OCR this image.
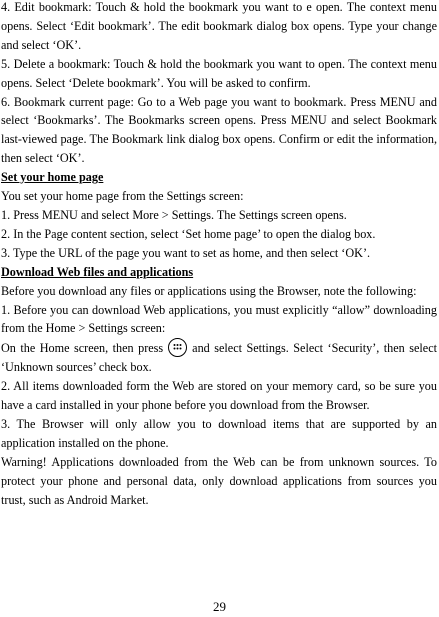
4. Edit bookmark: Touch & hold the bookmark you want to e open. The context menu opens. Select ‘Edit bookmark’. The edit bookmark dialog box opens. Type your change and select ‘OK’.

5. Delete a bookmark: Touch & hold the bookmark you want to open. The context menu opens. Select ‘Delete bookmark’. You will be asked to confirm.

6. Bookmark current page: Go to a Web page you want to bookmark. Press MENU and select ‘Bookmarks’. The Bookmarks screen opens. Press MENU and select Bookmark last-viewed page. The Bookmark link dialog box opens. Confirm or edit the information, then select ‘OK’.

Set your home page

You set your home page from the Settings screen:

1. Press MENU and select More > Settings. The Settings screen opens.

2. In the Page content section, select ‘Set home page’ to open the dialog box.

3. Type the URL of the page you want to set as home, and then select ‘OK’.

Download Web files and applications

Before you download any files or applications using the Browser, note the following:

1. Before you can download Web applications, you must explicitly “allow” downloading from the Home > Settings screen:

On the Home screen, then press and select Settings. Select ‘Security’, then select ‘Unknown sources’ check box.

2. All items downloaded form the Web are stored on your memory card, so be sure you have a card installed in your phone before you download from the Browser.

3. The Browser will only allow you to download items that are supported by an application installed on the phone.

Warning! Applications downloaded from the Web can be from unknown sources. To protect your phone and personal data, only download applications from sources you trust, such as Android Market.

29
